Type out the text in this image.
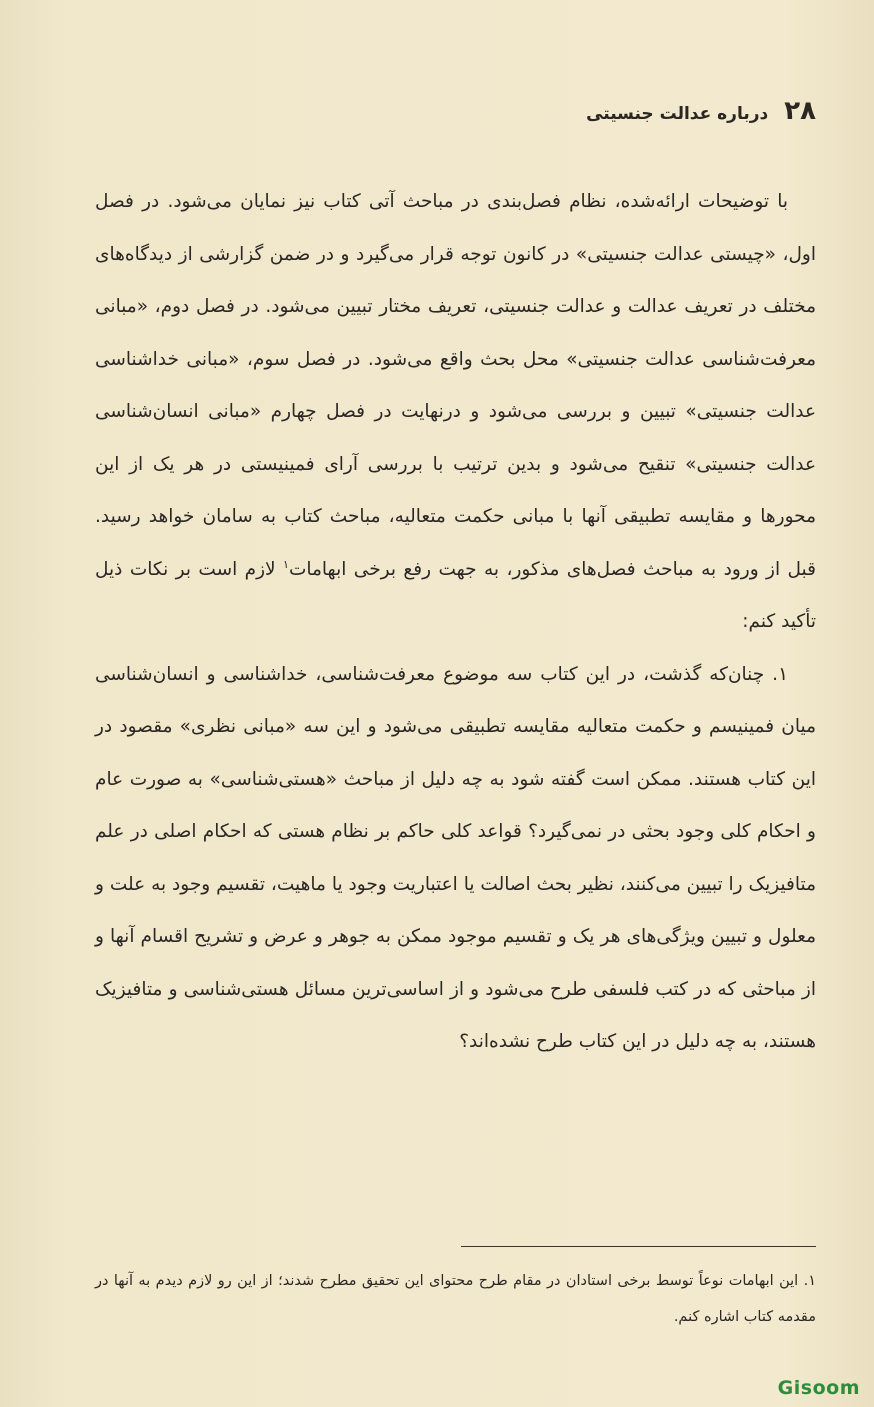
۲۸
درباره عدالت جنسیتی

با توضیحات ارائه‌شده، نظام فصل‌بندی در مباحث آتی کتاب نیز نمایان می‌شود. در فصل اول، «چیستی عدالت جنسیتی» در کانون توجه قرار می‌گیرد و در ضمن گزارشی از دیدگاه‌های مختلف در تعریف عدالت و عدالت جنسیتی، تعریف مختار تبیین می‌شود. در فصل دوم، «مبانی معرفت‌شناسی عدالت جنسیتی» محل بحث واقع می‌شود. در فصل سوم، «مبانی خداشناسی عدالت جنسیتی» تبیین و بررسی می‌شود و درنهایت در فصل چهارم «مبانی انسان‌شناسی عدالت جنسیتی» تنقیح می‌شود و بدین ترتیب با بررسی آرای فمینیستی در هر یک از این محورها و مقایسه تطبیقی آنها با مبانی حکمت متعالیه، مباحث کتاب به سامان خواهد رسید. قبل از ورود به مباحث فصل‌های مذکور، به جهت رفع برخی ابهامات$^۱$ لازم است بر نکات ذیل تأکید کنم:

۱. چنان‌که گذشت، در این کتاب سه موضوع معرفت‌شناسی، خداشناسی و انسان‌شناسی میان فمینیسم و حکمت متعالیه مقایسه تطبیقی می‌شود و این سه «مبانی نظری» مقصود در این کتاب هستند. ممکن است گفته شود به چه دلیل از مباحث «هستی‌شناسی» به صورت عام و احکام کلی وجود بحثی در نمی‌گیرد؟ قواعد کلی حاکم بر نظام هستی که احکام اصلی در علم متافیزیک را تبیین می‌کنند، نظیر بحث اصالت یا اعتباریت وجود یا ماهیت، تقسیم وجود به علت و معلول و تبیین ویژگی‌های هر یک و تقسیم موجود ممکن به جوهر و عرض و تشریح اقسام آنها و از مباحثی که در کتب فلسفی طرح می‌شود و از اساسی‌ترین مسائل هستی‌شناسی و متافیزیک هستند، به چه دلیل در این کتاب طرح نشده‌اند؟

۱. این ابهامات نوعاً توسط برخی استادان در مقام طرح محتوای این تحقیق مطرح شدند؛ از این رو لازم دیدم به آنها در مقدمه کتاب اشاره کنم.

Gisoom
